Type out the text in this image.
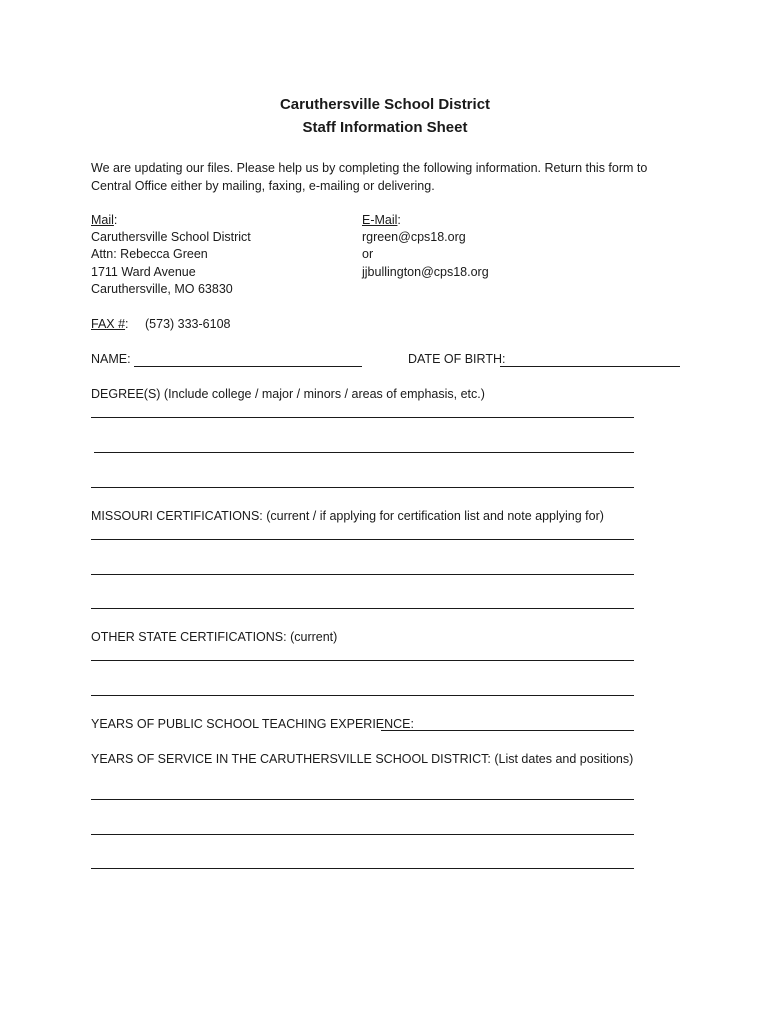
Caruthersville School District
Staff Information Sheet
We are updating our files. Please help us by completing the following information. Return this form to
Central Office either by mailing, faxing, e-mailing or delivering.
Mail:
Caruthersville School District
Attn: Rebecca Green
1711 Ward Avenue
Caruthersville, MO 63830
E-Mail:
rgreen@cps18.org
or
jjbullington@cps18.org
FAX #: (573) 333-6108
NAME:	DATE OF BIRTH:
DEGREE(S) (Include college / major / minors / areas of emphasis, etc.)
MISSOURI CERTIFICATIONS: (current / if applying for certification list and note applying for)
OTHER STATE CERTIFICATIONS: (current)
YEARS OF PUBLIC SCHOOL TEACHING EXPERIENCE:
YEARS OF SERVICE IN THE CARUTHERSVILLE SCHOOL DISTRICT: (List dates and positions)
